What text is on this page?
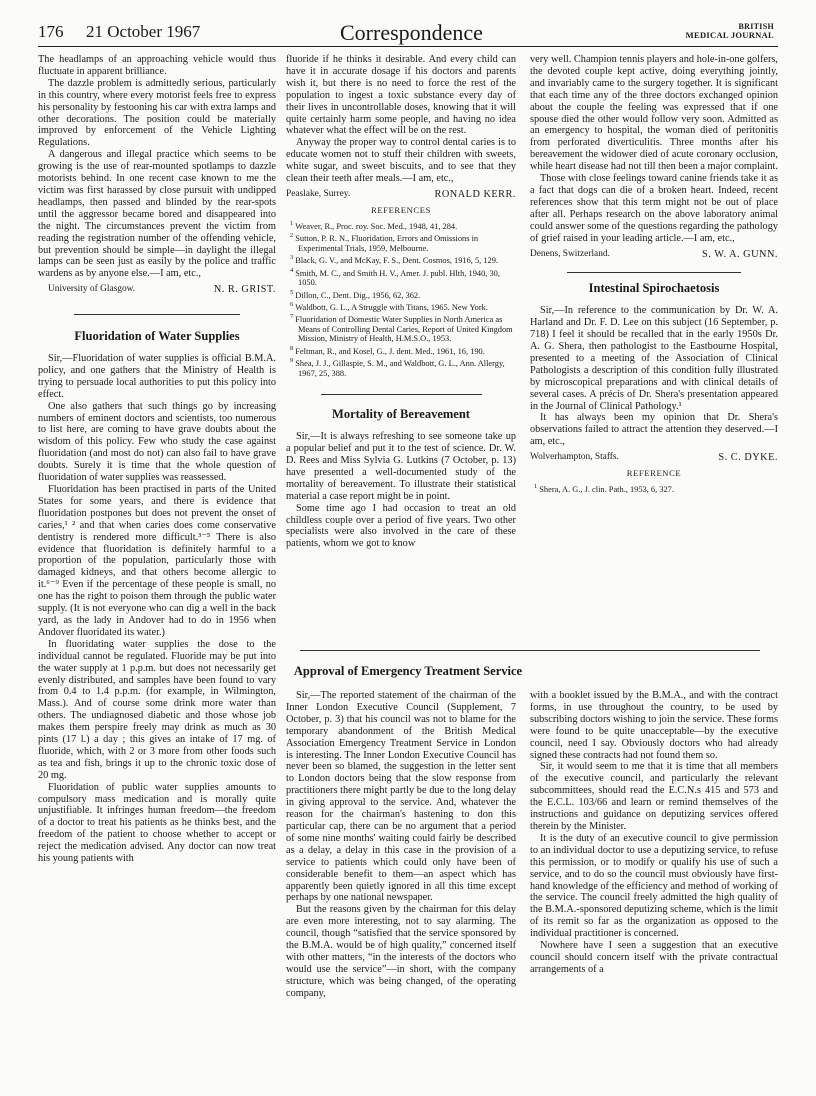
176 21 October 1967	Correspondence	BRITISH
MEDICAL JOURNAL

The headlamps of an approaching vehicle would thus fluctuate in apparent brilliance.

The dazzle problem is admittedly serious, particularly in this country, where every motorist feels free to express his personality by festooning his car with extra lamps and other decorations. The position could be materially improved by enforcement of the Vehicle Lighting Regulations.

A dangerous and illegal practice which seems to be growing is the use of rear-mounted spotlamps to dazzle motorists behind. In one recent case known to me the victim was first harassed by close pursuit with undipped headlamps, then passed and blinded by the rear-spots until the aggressor became bored and disappeared into the night. The circumstances prevent the victim from reading the registration number of the offending vehicle, but prevention should be simple—in daylight the illegal lamps can be seen just as easily by the police and traffic wardens as by anyone else.—I am, etc.,

University of Glasgow.	N. R. GRIST.
Fluoridation of Water Supplies

Sir,—Fluoridation of water supplies is official B.M.A. policy, and one gathers that the Ministry of Health is trying to persuade local authorities to put this policy into effect.

One also gathers that such things go by increasing numbers of eminent doctors and scientists, too numerous to list here, are coming to have grave doubts about the wisdom of this policy. Few who study the case against fluoridation (and most do not) can also fail to have grave doubts. Surely it is time that the whole question of fluoridation of water supplies was reassessed.

Fluoridation has been practised in parts of the United States for some years, and there is evidence that fluoridation postpones but does not prevent the onset of caries,¹ ² and that when caries does come conservative dentistry is rendered more difficult.³⁻⁵ There is also evidence that fluoridation is definitely harmful to a proportion of the population, particularly those with damaged kidneys, and that others become allergic to it.⁶⁻⁹ Even if the percentage of these people is small, no one has the right to poison them through the public water supply. (It is not everyone who can dig a well in the back yard, as the lady in Andover had to do in 1956 when Andover fluoridated its water.)

In fluoridating water supplies the dose to the individual cannot be regulated. Fluoride may be put into the water supply at 1 p.p.m. but does not necessarily get evenly distributed, and samples have been found to vary from 0.4 to 1.4 p.p.m. (for example, in Wilmington, Mass.). And of course some drink more water than others. The undiagnosed diabetic and those whose job makes them perspire freely may drink as much as 30 pints (17 l.) a day ; this gives an intake of 17 mg. of fluoride, which, with 2 or 3 more from other foods such as tea and fish, brings it up to the chronic toxic dose of 20 mg.

Fluoridation of public water supplies amounts to compulsory mass medication and is morally quite unjustifiable. It infringes human freedom—the freedom of a doctor to treat his patients as he thinks best, and the freedom of the patient to choose whether to accept or reject the medication advised. Any doctor can now treat his young patients with

fluoride if he thinks it desirable. And every child can have it in accurate dosage if his doctors and parents wish it, but there is no need to force the rest of the population to ingest a toxic substance every day of their lives in uncontrollable doses, knowing that it will quite certainly harm some people, and having no idea whatever what the effect will be on the rest.

Anyway the proper way to control dental caries is to educate women not to stuff their children with sweets, white sugar, and sweet biscuits, and to see that they clean their teeth after meals.—I am, etc.,

Peaslake, Surrey.	RONALD KERR.
REFERENCES
$^1$ Weaver, R., Proc. roy. Soc. Med., 1948, 41, 284.
$^2$ Sutton, P. R. N., Fluoridation, Errors and Omissions in Experimental Trials, 1959, Melbourne.
$^3$ Black, G. V., and McKay, F. S., Dent. Cosmos, 1916, 5, 129.
$^4$ Smith, M. C., and Smith H. V., Amer. J. publ. Hlth, 1940, 30, 1050.
$^5$ Dillon, C., Dent. Dig., 1956, 62, 362.
$^6$ Waldbott, G. L., A Struggle with Titans, 1965. New York.
$^7$ Fluoridation of Domestic Water Supplies in North America as Means of Controlling Dental Caries, Report of United Kingdom Mission, Ministry of Health, H.M.S.O., 1953.
$^8$ Feltman, R., and Kosel, G., J. dent. Med., 1961, 16, 190.
$^9$ Shea, J. J., Gillaspie, S. M., and Waldbott, G. L., Ann. Allergy, 1967, 25, 388.
Mortality of Bereavement

Sir,—It is always refreshing to see someone take up a popular belief and put it to the test of science. Dr. W. D. Rees and Miss Sylvia G. Lutkins (7 October, p. 13) have presented a well-documented study of the mortality of bereavement. To illustrate their statistical material a case report might be in point.

Some time ago I had occasion to treat an old childless couple over a period of five years. Two other specialists were also involved in the care of these patients, whom we got to know

very well. Champion tennis players and hole-in-one golfers, the devoted couple kept active, doing everything jointly, and invariably came to the surgery together. It is significant that each time any of the three doctors exchanged opinion about the couple the feeling was expressed that if one spouse died the other would follow very soon. Admitted as an emergency to hospital, the woman died of peritonitis from perforated diverticulitis. Three months after his bereavement the widower died of acute coronary occlusion, while heart disease had not till then been a major complaint.

Those with close feelings toward canine friends take it as a fact that dogs can die of a broken heart. Indeed, recent references show that this term might not be out of place after all. Perhaps research on the above laboratory animal could answer some of the questions regarding the pathology of grief raised in your leading article.—I am, etc.,

Denens, Switzerland.	S. W. A. GUNN.
Intestinal Spirochaetosis

Sir,—In reference to the communication by Dr. W. A. Harland and Dr. F. D. Lee on this subject (16 September, p. 718) I feel it should be recalled that in the early 1950s Dr. A. G. Shera, then pathologist to the Eastbourne Hospital, presented to a meeting of the Association of Clinical Pathologists a description of this condition fully illustrated by microscopical preparations and with clinical details of several cases. A précis of Dr. Shera's presentation appeared in the Journal of Clinical Pathology.¹

It has always been my opinion that Dr. Shera's observations failed to attract the attention they deserved.—I am, etc.,

Wolverhampton, Staffs.	S. C. DYKE.
REFERENCE
$^1$ Shera, A. G., J. clin. Path., 1953, 6, 327.
Approval of Emergency Treatment Service

Sir,—The reported statement of the chairman of the Inner London Executive Council (Supplement, 7 October, p. 3) that his council was not to blame for the temporary abandonment of the British Medical Association Emergency Treatment Service in London is interesting. The Inner London Executive Council has never been so blamed, the suggestion in the letter sent to London doctors being that the slow response from practitioners there might partly be due to the long delay in giving approval to the service. And, whatever the reason for the chairman's hastening to don this particular cap, there can be no argument that a period of some nine months' waiting could fairly be described as a delay, a delay in this case in the provision of a service to patients which could only have been of considerable benefit to them—an aspect which has apparently been quietly ignored in all this time except perhaps by one national newspaper.

But the reasons given by the chairman for this delay are even more interesting, not to say alarming. The council, though “satisfied that the service sponsored by the B.M.A. would be of high quality,” concerned itself with other matters, “in the interests of the doctors who would use the service”—in short, with the company structure, which was being changed, of the operating company,

with a booklet issued by the B.M.A., and with the contract forms, in use throughout the country, to be used by subscribing doctors wishing to join the service. These forms were found to be quite unacceptable—by the executive council, need I say. Obviously doctors who had already signed these contracts had not found them so.

Sir, it would seem to me that it is time that all members of the executive council, and particularly the relevant subcommittees, should read the E.C.N.s 415 and 573 and the E.C.L. 103/66 and learn or remind themselves of the instructions and guidance on deputizing services offered therein by the Minister.

It is the duty of an executive council to give permission to an individual doctor to use a deputizing service, to refuse this permission, or to modify or qualify his use of such a service, and to do so the council must obviously have first-hand knowledge of the efficiency and method of working of the service. The council freely admitted the high quality of the B.M.A.-sponsored deputizing scheme, which is the limit of its remit so far as the organization as opposed to the individual practitioner is concerned.

Nowhere have I seen a suggestion that an executive council should concern itself with the private contractual arrangements of a
